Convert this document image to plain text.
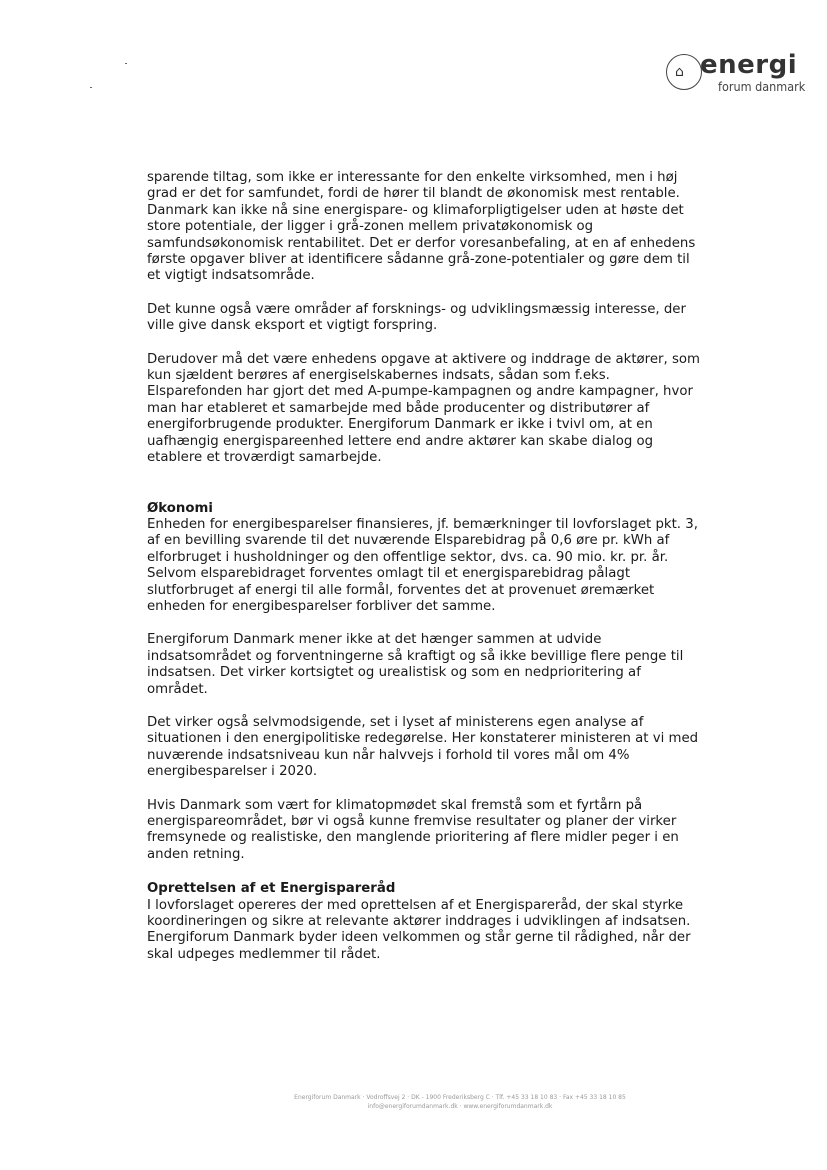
⌂ energi
forum danmark

sparende tiltag, som ikke er interessante for den enkelte virksomhed, men i høj grad er det for samfundet, fordi de hører til blandt de økonomisk mest rentable. Danmark kan ikke nå sine energispare- og klimaforpligtigelser uden at høste det store potentiale, der ligger i grå-zonen mellem privatøkonomisk og samfundsøkonomisk rentabilitet. Det er derfor voresanbefaling, at en af enhedens første opgaver bliver at identificere sådanne grå-zone-potentialer og gøre dem til et vigtigt indsatsområde.

Det kunne også være områder af forsknings- og udviklingsmæssig interesse, der ville give dansk eksport et vigtigt forspring.

Derudover må det være enhedens opgave at aktivere og inddrage de aktører, som kun sjældent berøres af energiselskabernes indsats, sådan som f.eks. Elsparefonden har gjort det med A-pumpe-kampagnen og andre kampagner, hvor man har etableret et samarbejde med både producenter og distributører af energiforbrugende produkter. Energiforum Danmark er ikke i tvivl om, at en uafhængig energispareenhed lettere end andre aktører kan skabe dialog og etablere et troværdigt samarbejde.

Økonomi

Enheden for energibesparelser finansieres, jf. bemærkninger til lovforslaget pkt. 3, af en bevilling svarende til det nuværende Elsparebidrag på 0,6 øre pr. kWh af elforbruget i husholdninger og den offentlige sektor, dvs. ca. 90 mio. kr. pr. år. Selvom elsparebidraget forventes omlagt til et energisparebidrag pålagt slutforbruget af energi til alle formål, forventes det at provenuet øremærket enheden for energibesparelser forbliver det samme.

Energiforum Danmark mener ikke at det hænger sammen at udvide indsatsområdet og forventningerne så kraftigt og så ikke bevillige flere penge til indsatsen. Det virker kortsigtet og urealistisk og som en nedprioritering af området.

Det virker også selvmodsigende, set i lyset af ministerens egen analyse af situationen i den energipolitiske redegørelse. Her konstaterer ministeren at vi med nuværende indsatsniveau kun når halvvejs i forhold til vores mål om 4% energibesparelser i 2020.

Hvis Danmark som vært for klimatopmødet skal fremstå som et fyrtårn på energispareområdet, bør vi også kunne fremvise resultater og planer der virker fremsynede og realistiske, den manglende prioritering af flere midler peger i en anden retning.

Oprettelsen af et Energisparеråd

I lovforslaget opereres der med oprettelsen af et Energisparеråd, der skal styrke koordineringen og sikre at relevante aktører inddrages i udviklingen af indsatsen. Energiforum Danmark byder ideen velkommen og står gerne til rådighed, når der skal udpeges medlemmer til rådet.

Energiforum Danmark · Vodroffsvej 2 · DK - 1900 Frederiksberg C · Tlf. +45 33 18 10 83 · Fax +45 33 18 10 85
info@energiforumdanmark.dk · www.energiforumdanmark.dk
